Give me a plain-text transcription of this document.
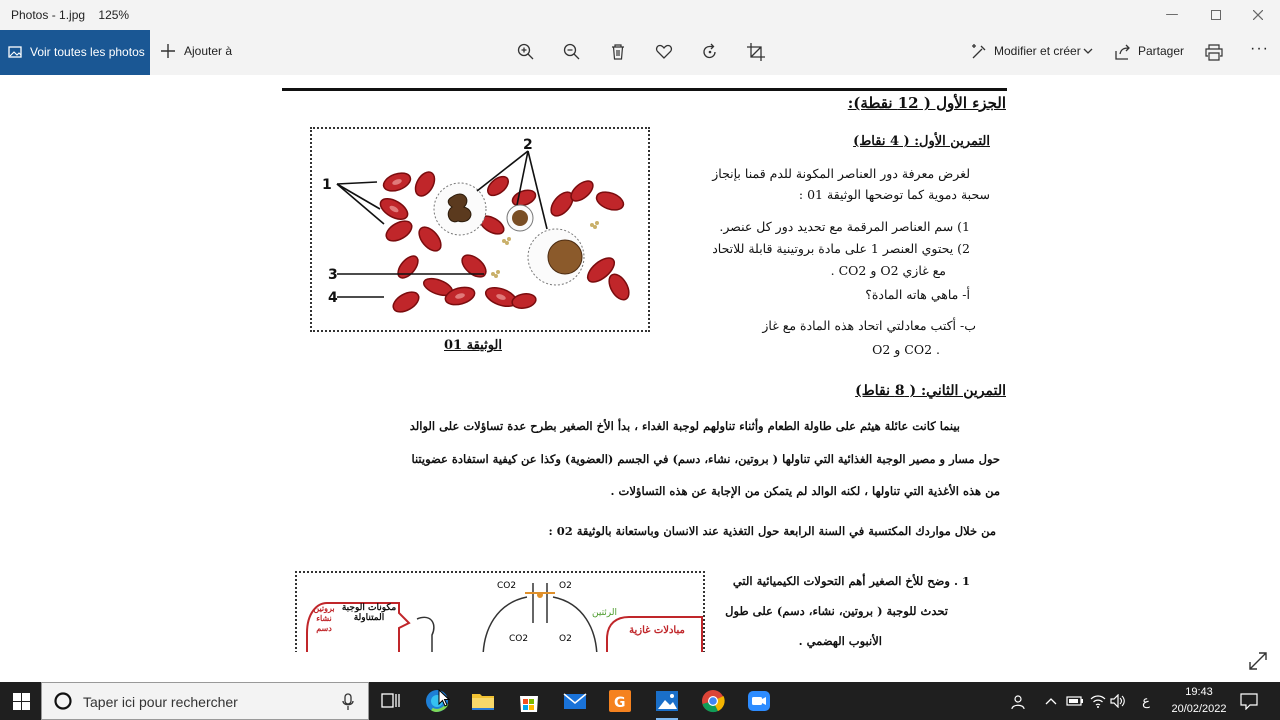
Photos - 1.jpg 125%	—
Voir toutes les photos	Ajouter à	Modifier et créer	Partager	···
الجزء الأول ( 12 نقطة):
1
2
3
4
الوثيقة 01
التمرين الأول: ( 4 نقاط)
لغرض معرفة دور العناصر المكونة للدم قمنا بإنجاز
سحبة دموية كما توضحها الوثيقة 01 :
1) سم العناصر المرقمة مع تحديد دور كل عنصر.
2) يحتوي العنصر 1 على مادة بروتينية قابلة للاتحاد
مع غازي O2 و CO2 .
أ- ماهي هاته المادة؟
ب- أكتب معادلتي اتحاد هذه المادة مع غاز
O2 و CO2 .
التمرين الثاني: ( 8 نقاط)
بينما كانت عائلة هيثم على طاولة الطعام وأثناء تناولهم لوجبة الغداء ، بدأ الأخ الصغير بطرح عدة تساؤلات على الوالد
حول مسار و مصير الوجبة الغذائية التي تناولها ( بروتين، نشاء، دسم) في الجسم (العضوية) وكذا عن كيفية استفادة عضويتنا
من هذه الأغذية التي تناولها ، لكنه الوالد لم يتمكن من الإجابة عن هذه التساؤلات .
من خلال مواردك المكتسبة في السنة الرابعة حول التغذية عند الانسان وباستعانة بالوثيقة 02 :
CO2	O2
CO2	O2
الرئتين
مكونات الوجبة المتناولة
بروتين نشاء دسم	مبادلات غازية
1 . وضح للأخ الصغير أهم التحولات الكيميائية التي
تحدث للوجبة ( بروتين، نشاء، دسم) على طول
الأنبوب الهضمي .
Taper ici pour rechercher	G	ع
19:43
20/02/2022
